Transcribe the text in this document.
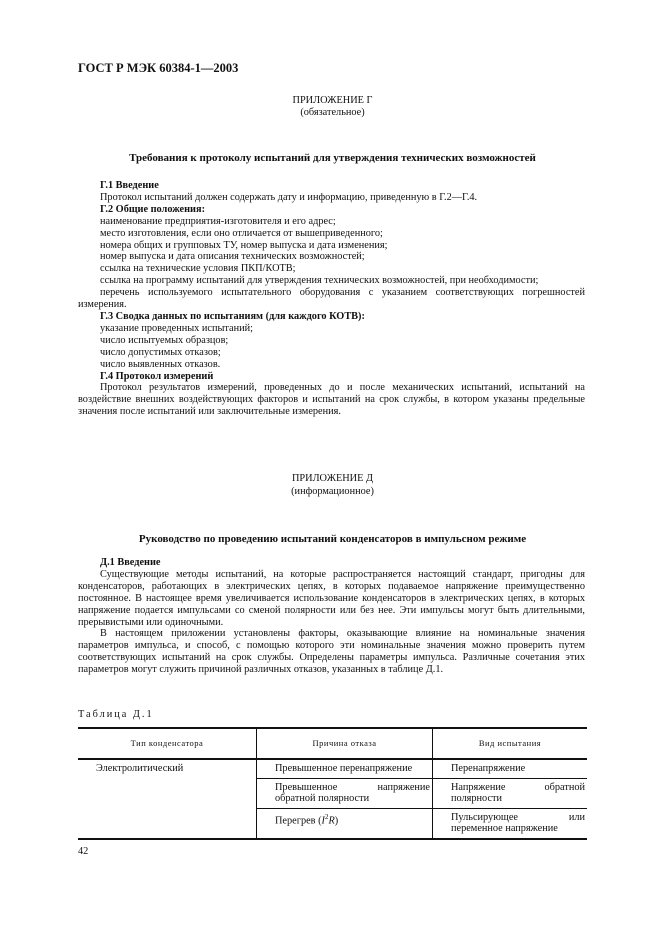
ГОСТ Р МЭК 60384-1—2003
ПРИЛОЖЕНИЕ Г
(обязательное)
Требования к протоколу испытаний для утверждения технических возможностей

Г.1 Введение

Протокол испытаний должен содержать дату и информацию, приведенную в Г.2—Г.4.

Г.2 Общие положения:

наименование предприятия-изготовителя и его адрес;

место изготовления, если оно отличается от вышеприведенного;

номера общих и групповых ТУ, номер выпуска и дата изменения;

номер выпуска и дата описания технических возможностей;

ссылка на технические условия ПКП/КОТВ;

ссылка на программу испытаний для утверждения технических возможностей, при необходимости;

перечень используемого испытательного оборудования с указанием соответствующих погрешностей измерения.

Г.3 Сводка данных по испытаниям (для каждого КОТВ):

указание проведенных испытаний;

число испытуемых образцов;

число допустимых отказов;

число выявленных отказов.

Г.4 Протокол измерений

Протокол результатов измерений, проведенных до и после механических испытаний, испытаний на воздействие внешних воздействующих факторов и испытаний на срок службы, в котором указаны предельные значения после испытаний или заключительные измерения.

ПРИЛОЖЕНИЕ Д
(информационное)
Руководство по проведению испытаний конденсаторов в импульсном режиме

Д.1 Введение

Существующие методы испытаний, на которые распространяется настоящий стандарт, пригодны для конденсаторов, работающих в электрических цепях, в которых подаваемое напряжение преимущественно постоянное. В настоящее время увеличивается использование конденсаторов в электрических цепях, в которых напряжение подается импульсами со сменой полярности или без нее. Эти импульсы могут быть длительными, прерывистыми или одиночными.

В настоящем приложении установлены факторы, оказывающие влияние на номинальные значения параметров импульса, и способ, с помощью которого эти номинальные значения можно проверить путем соответствующих испытаний на срок службы. Определены параметры импульса. Различные сочетания этих параметров могут служить причиной различных отказов, указанных в таблице Д.1.

Таблица Д.1
Тип конденсатора	Причина отказа	Вид испытания

Электролитический	Превышенное перенапряжение	Перенапряжение

	Превышенное напряжение обратной полярности	Напряжение обратной полярности

	Перегрев $(I^2R)$	Пульсирующее или переменное напряжение
42
